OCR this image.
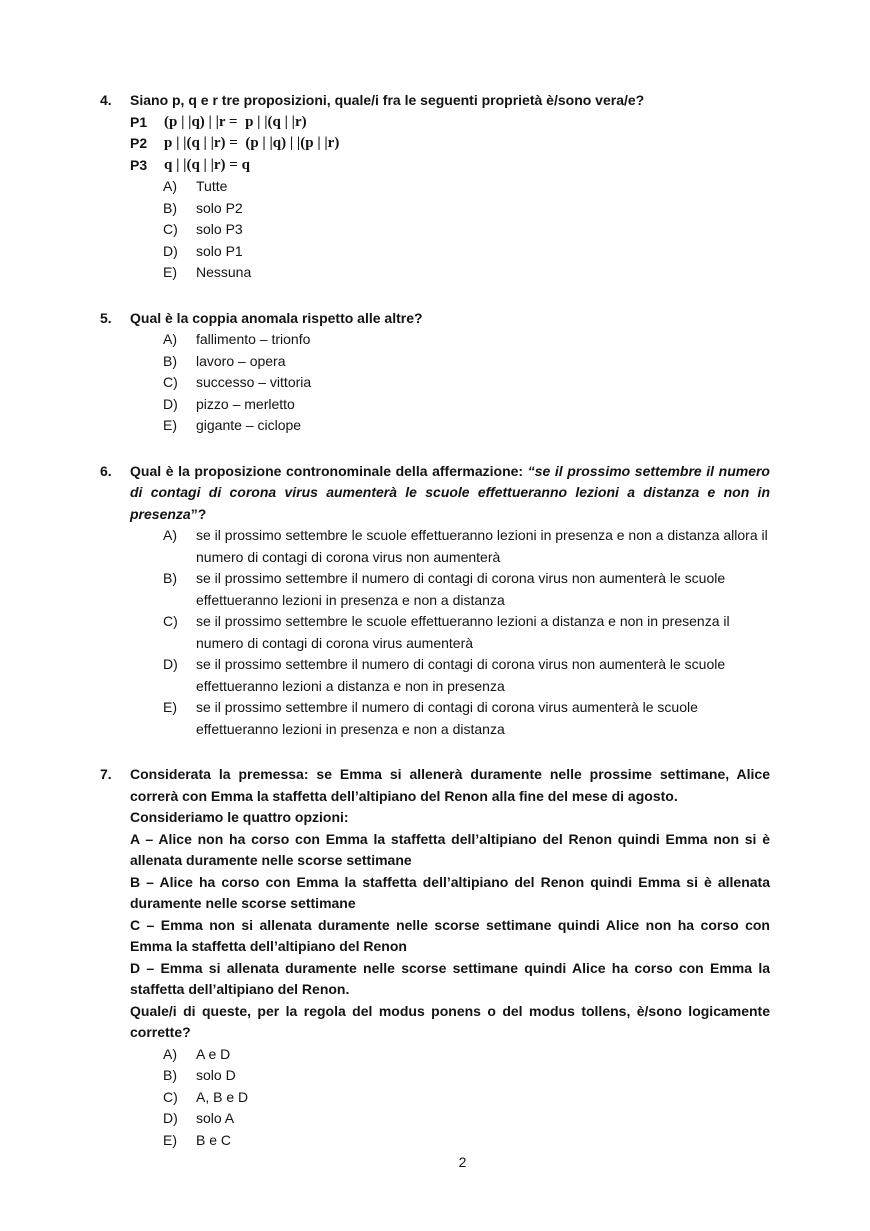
4.	Siano p, q e r tre proposizioni, quale/i fra le seguenti proprietà è/sono vera/e?

P1	(p | |q) | |r =  p | |(q | |r)
P2	p | |(q | |r) =  (p | |q) | |(p | |r)
P3	q | |(q | |r) = q
A)	Tutte
B)	solo P2
C)	solo P3
D)	solo P1
E)	Nessuna
5.	Qual è la coppia anomala rispetto alle altre?

A)	fallimento – trionfo
B)	lavoro – opera
C)	successo – vittoria
D)	pizzo – merletto
E)	gigante – ciclope
6.	Qual è la proposizione contronominale della affermazione: “se il prossimo settembre il numero di contagi di corona virus aumenterà le scuole effettueranno lezioni a distanza e non in presenza”?

A)	se il prossimo settembre le scuole effettueranno lezioni in presenza e non a distanza allora il numero di contagi di corona virus non aumenterà
B)	se il prossimo settembre il numero di contagi di corona virus non aumenterà le scuole effettueranno lezioni in presenza e non a distanza
C)	se il prossimo settembre le scuole effettueranno lezioni a distanza e non in presenza il numero di contagi di corona virus aumenterà
D)	se il prossimo settembre il numero di contagi di corona virus non aumenterà le scuole effettueranno lezioni a distanza e non in presenza
E)	se il prossimo settembre il numero di contagi di corona virus aumenterà le scuole effettueranno lezioni in presenza e non a distanza
7.	Considerata la premessa: se Emma si allenerà duramente nelle prossime settimane, Alice correrà con Emma la staffetta dell’altipiano del Renon alla fine del mese di agosto.

Consideriamo le quattro opzioni:

A – Alice non ha corso con Emma la staffetta dell’altipiano del Renon quindi Emma non si è allenata duramente nelle scorse settimane

B – Alice ha corso con Emma la staffetta dell’altipiano del Renon quindi Emma si è allenata duramente nelle scorse settimane

C – Emma non si allenata duramente nelle scorse settimane quindi Alice non ha corso con Emma la staffetta dell’altipiano del Renon

D – Emma si allenata duramente nelle scorse settimane quindi Alice ha corso con Emma la staffetta dell’altipiano del Renon.

Quale/i di queste, per la regola del modus ponens o del modus tollens, è/sono logicamente corrette?

A)	A e D
B)	solo D
C)	A, B e D
D)	solo A
E)	B e C
2
